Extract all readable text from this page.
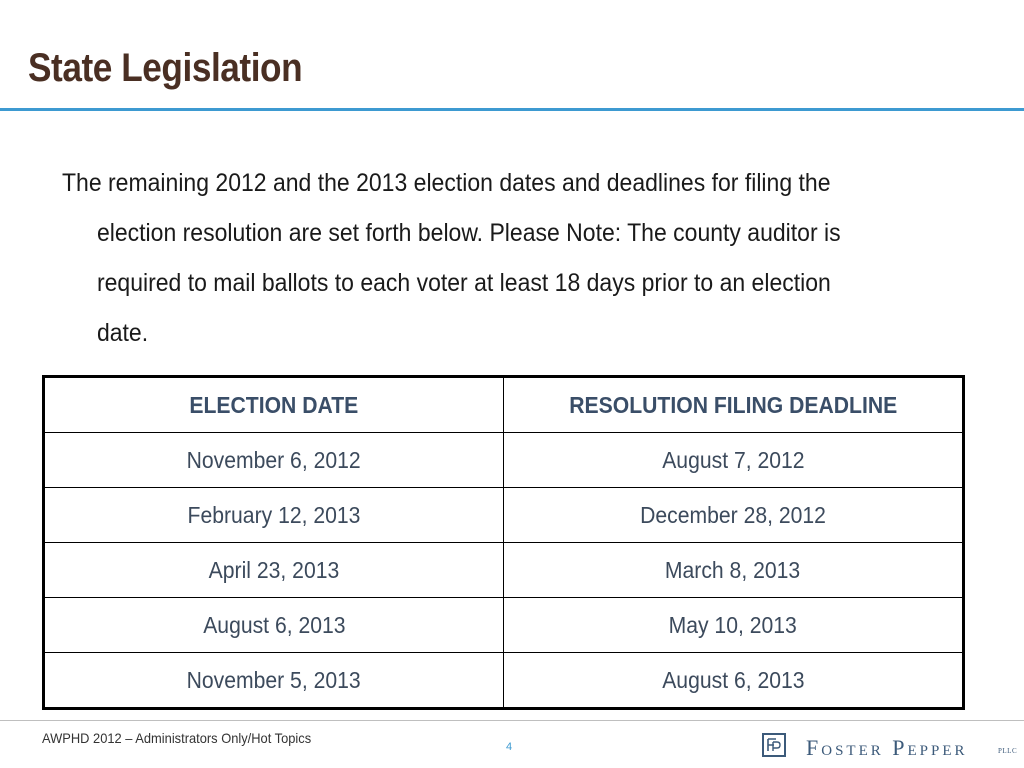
State Legislation

The remaining 2012 and the 2013 election dates and deadlines for filing the
election resolution are set forth below. Please Note: The county auditor is
required to mail ballots to each voter at least 18 days prior to an election
date.

ELECTION DATE	RESOLUTION FILING DEADLINE
November 6, 2012	August 7, 2012
February 12, 2013	December 28, 2012
April 23, 2013	March 8, 2013
August 6, 2013	May 10, 2013
November 5, 2013	August 6, 2013
AWPHD 2012 – Administrators Only/Hot Topics
4	Foster Pepper	PLLC
